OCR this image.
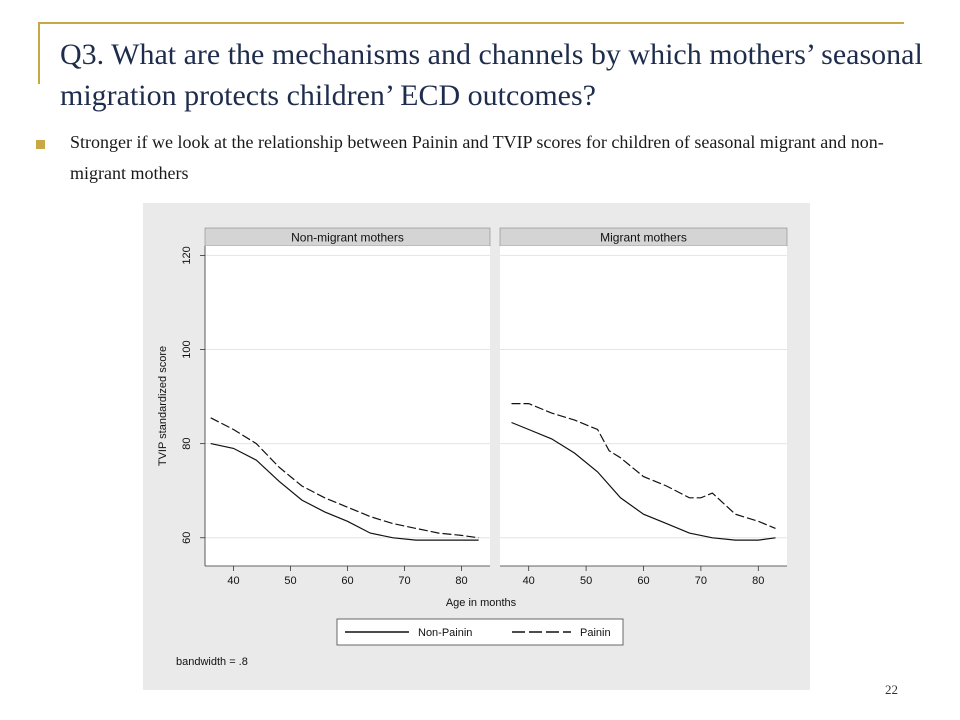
Q3. What are the mechanisms and channels by which mothers’ seasonal migration protects children’ ECD outcomes?

Stronger if we look at the relationship between Painin and TVIP scores for children of seasonal migrant and non-migrant mothers

Non-migrant mothers	Migrant mothers
60
80
100
120
TVIP standardized score
40	50	60	70	80	40	50	60	70	80
Age in months
Non-Painin	Painin
bandwidth = .8
22
